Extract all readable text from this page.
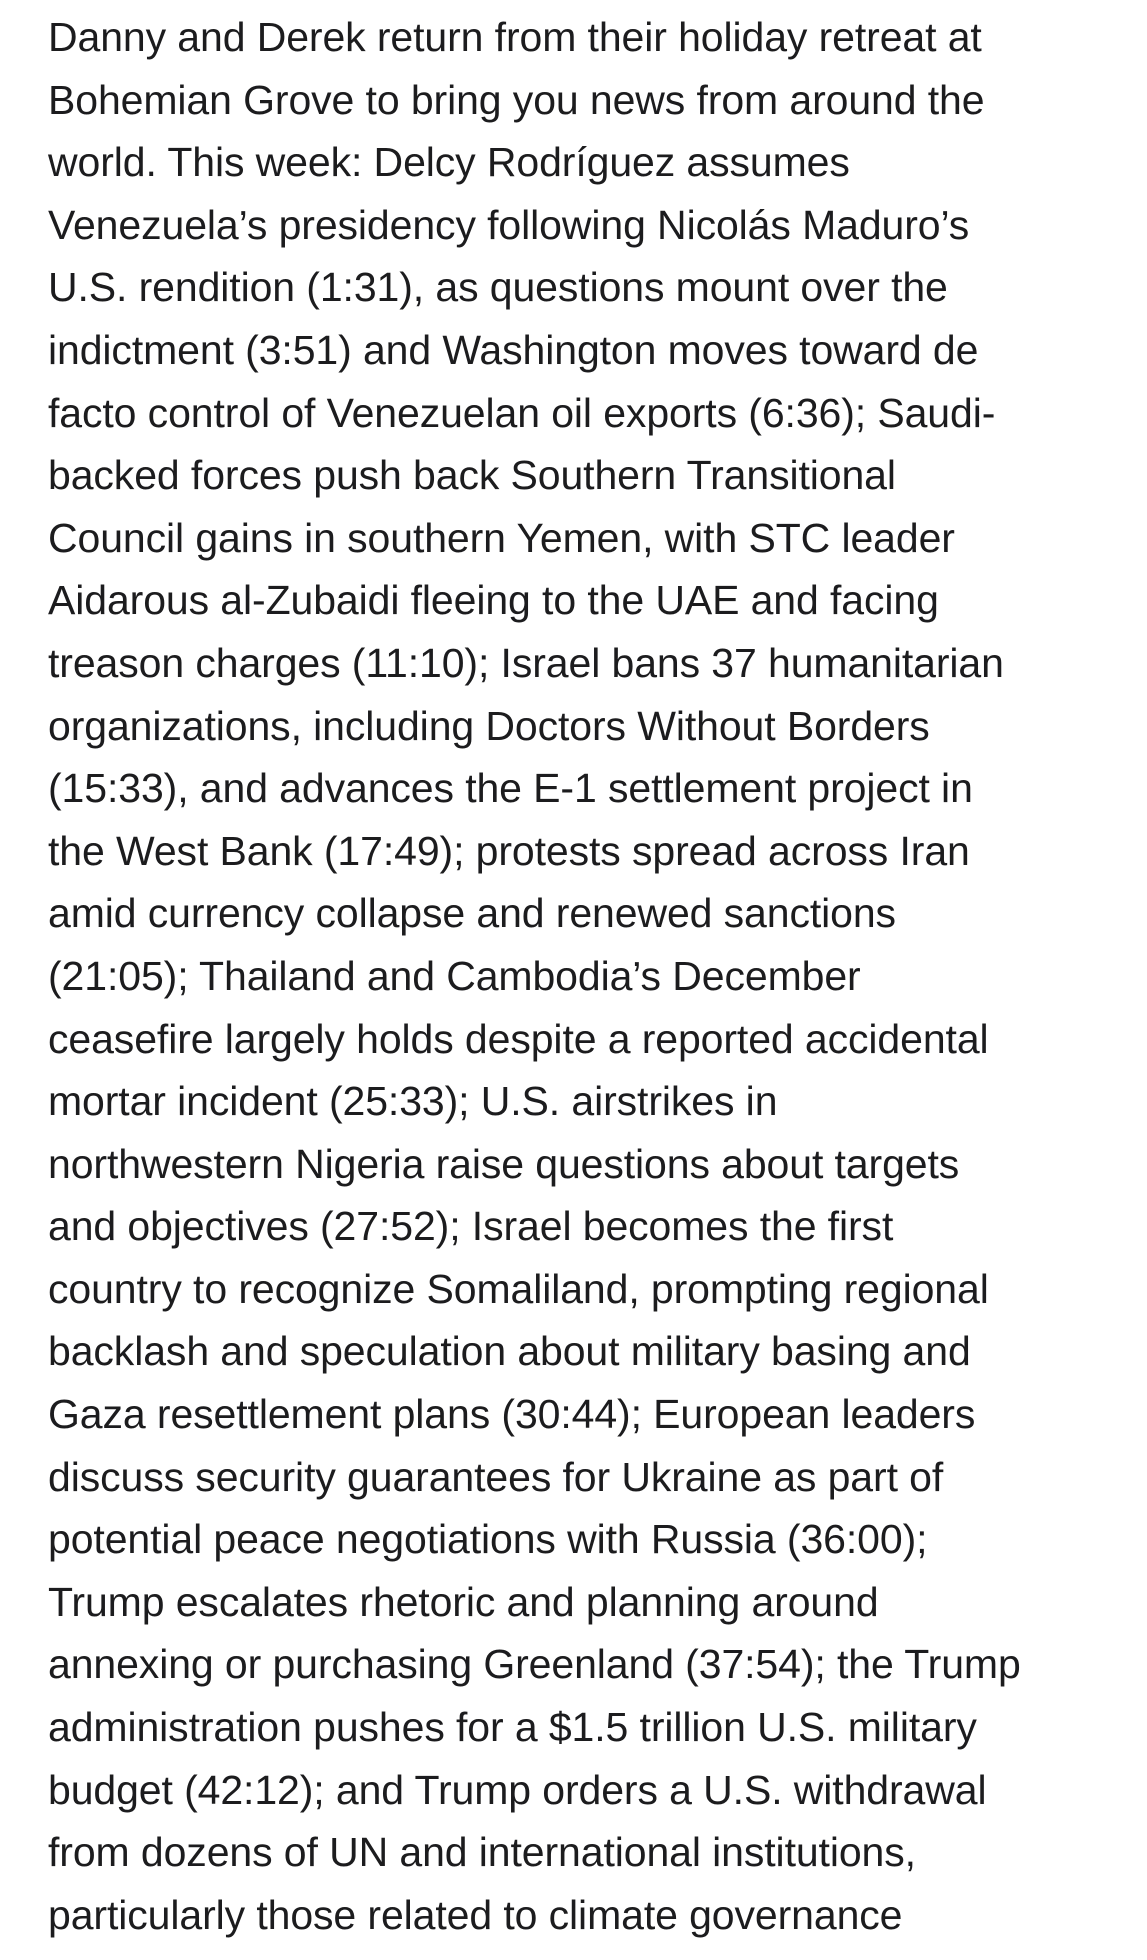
Danny and Derek return from their holiday retreat at
Bohemian Grove to bring you news from around the
world. This week: Delcy Rodríguez assumes
Venezuela’s presidency following Nicolás Maduro’s
U.S. rendition (1:31), as questions mount over the
indictment (3:51) and Washington moves toward de
facto control of Venezuelan oil exports (6:36); Saudi-
backed forces push back Southern Transitional
Council gains in southern Yemen, with STC leader
Aidarous al-Zubaidi fleeing to the UAE and facing
treason charges (11:10); Israel bans 37 humanitarian
organizations, including Doctors Without Borders
(15:33), and advances the E-1 settlement project in
the West Bank (17:49); protests spread across Iran
amid currency collapse and renewed sanctions
(21:05); Thailand and Cambodia’s December
ceasefire largely holds despite a reported accidental
mortar incident (25:33); U.S. airstrikes in
northwestern Nigeria raise questions about targets
and objectives (27:52); Israel becomes the first
country to recognize Somaliland, prompting regional
backlash and speculation about military basing and
Gaza resettlement plans (30:44); European leaders
discuss security guarantees for Ukraine as part of
potential peace negotiations with Russia (36:00);
Trump escalates rhetoric and planning around
annexing or purchasing Greenland (37:54); the Trump
administration pushes for a $1.5 trillion U.S. military
budget (42:12); and Trump orders a U.S. withdrawal
from dozens of UN and international institutions,
particularly those related to climate governance
